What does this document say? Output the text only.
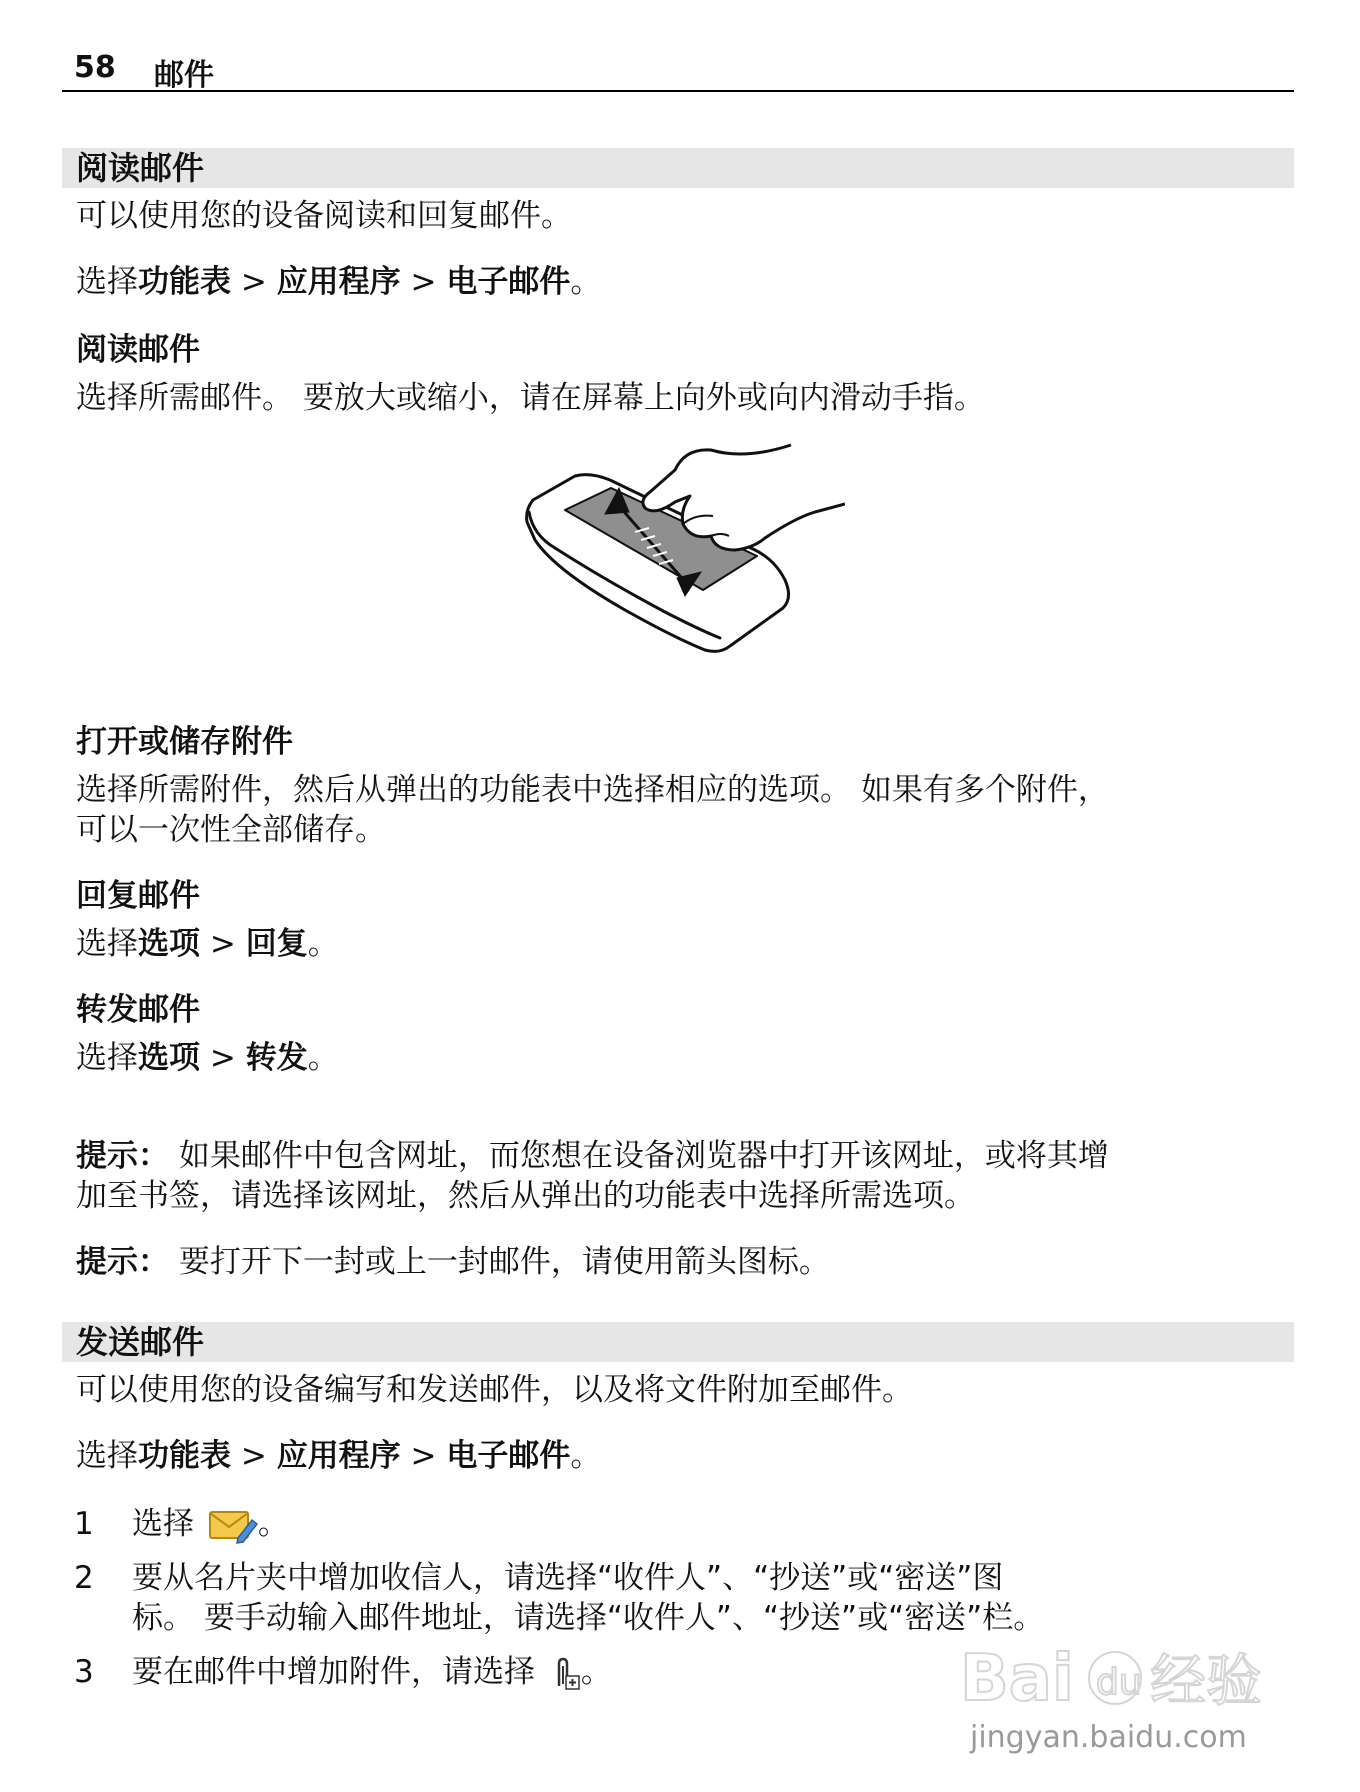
58 邮件
阅读邮件
可以使用您的设备阅读和回复邮件。
选择功能表 > 应用程序 > 电子邮件。
阅读邮件
选择所需邮件。 要放大或缩小，请在屏幕上向外或向内滑动手指。
打开或储存附件
选择所需附件，然后从弹出的功能表中选择相应的选项。 如果有多个附件，
可以一次性全部储存。
回复邮件
选择选项 > 回复。
转发邮件
选择选项 > 转发。
提示： 如果邮件中包含网址，而您想在设备浏览器中打开该网址，或将其增
加至书签，请选择该网址，然后从弹出的功能表中选择所需选项。
提示： 要打开下一封或上一封邮件，请使用箭头图标。
发送邮件
可以使用您的设备编写和发送邮件，以及将文件附加至邮件。
选择功能表 > 应用程序 > 电子邮件。
1 选择 。
2 要从名片夹中增加收信人，请选择“收件人”、“抄送”或“密送”图
标。 要手动输入邮件地址，请选择“收件人”、“抄送”或“密送”栏。
3 要在邮件中增加附件，请选择 。	Bai du 经验
jingyan.baidu.com
